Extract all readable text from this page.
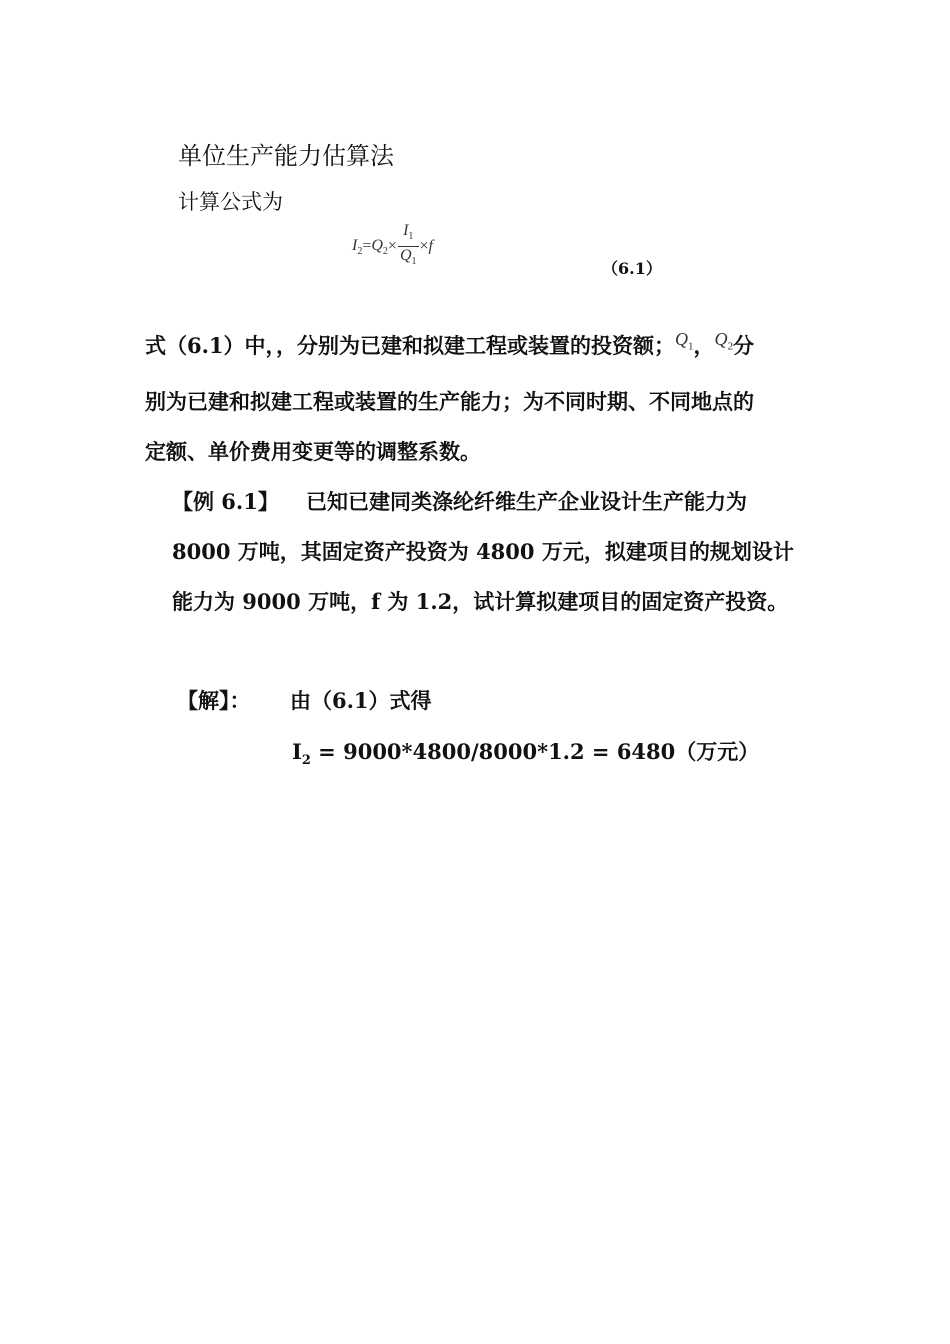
单位生产能力估算法
计算公式为
$I_2=Q_2\times \frac{I_1}{Q_1} \times f$
（6.1）
式（6.1）中，，分别为已建和拟建工程或装置的投资额；$Q_1$，$Q_2$分
别为已建和拟建工程或装置的生产能力；为不同时期、不同地点的
定额、单价费用变更等的调整系数。
【例 6.1】 已知已建同类涤纶纤维生产企业设计生产能力为
8000 万吨，其固定资产投资为 4800 万元，拟建项目的规划设计
能力为 9000 万吨，f 为 1.2，试计算拟建项目的固定资产投资。
【解】： 由（6.1）式得
$I_2 = 9000*4800/8000*1.2 = 6480$（万元）
